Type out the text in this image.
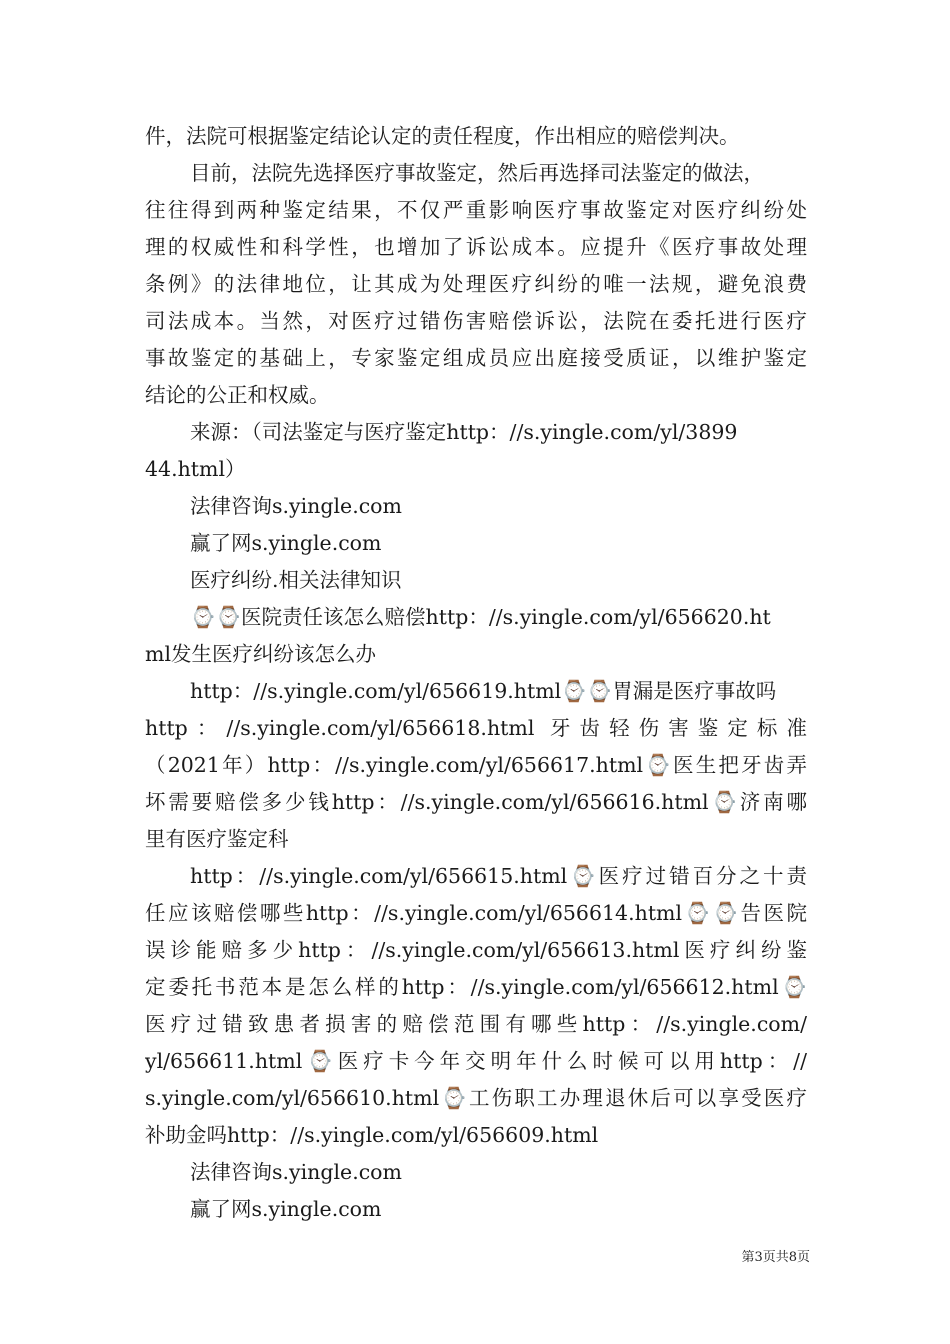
件，法院可根据鉴定结论认定的责任程度，作出相应的赔偿判决。
目前，法院先选择医疗事故鉴定，然后再选择司法鉴定的做法，
往往得到两种鉴定结果，不仅严重影响医疗事故鉴定对医疗纠纷处
理的权威性和科学性，也增加了诉讼成本。应提升《医疗事故处理
条例》的法律地位，让其成为处理医疗纠纷的唯一法规，避免浪费
司法成本。当然，对医疗过错伤害赔偿诉讼，法院在委托进行医疗
事故鉴定的基础上，专家鉴定组成员应出庭接受质证，以维护鉴定
结论的公正和权威。
来源：（司法鉴定与医疗鉴定http：//s.yingle.com/yl/3899
44.html）
法律咨询s.yingle.com
赢了网s.yingle.com
医疗纠纷.相关法律知识
⌚⌚医院责任该怎么赔偿http：//s.yingle.com/yl/656620.ht
ml发生医疗纠纷该怎么办
http：//s.yingle.com/yl/656619.html⌚⌚胃漏是医疗事故吗
http：//s.yingle.com/yl/656618.html 牙齿轻伤害鉴定标准
（2021年）http：//s.yingle.com/yl/656617.html⌚医生把牙齿弄
坏需要赔偿多少钱http：//s.yingle.com/yl/656616.html⌚济南哪
里有医疗鉴定科
http：//s.yingle.com/yl/656615.html⌚医疗过错百分之十责
任应该赔偿哪些http：//s.yingle.com/yl/656614.html⌚⌚告医院
误诊能赔多少http：//s.yingle.com/yl/656613.html医疗纠纷鉴
定委托书范本是怎么样的http：//s.yingle.com/yl/656612.html⌚
医疗过错致患者损害的赔偿范围有哪些http：//s.yingle.com/
yl/656611.html⌚医疗卡今年交明年什么时候可以用http：//
s.yingle.com/yl/656610.html⌚工伤职工办理退休后可以享受医疗
补助金吗http：//s.yingle.com/yl/656609.html
法律咨询s.yingle.com
赢了网s.yingle.com
第3页共8页
